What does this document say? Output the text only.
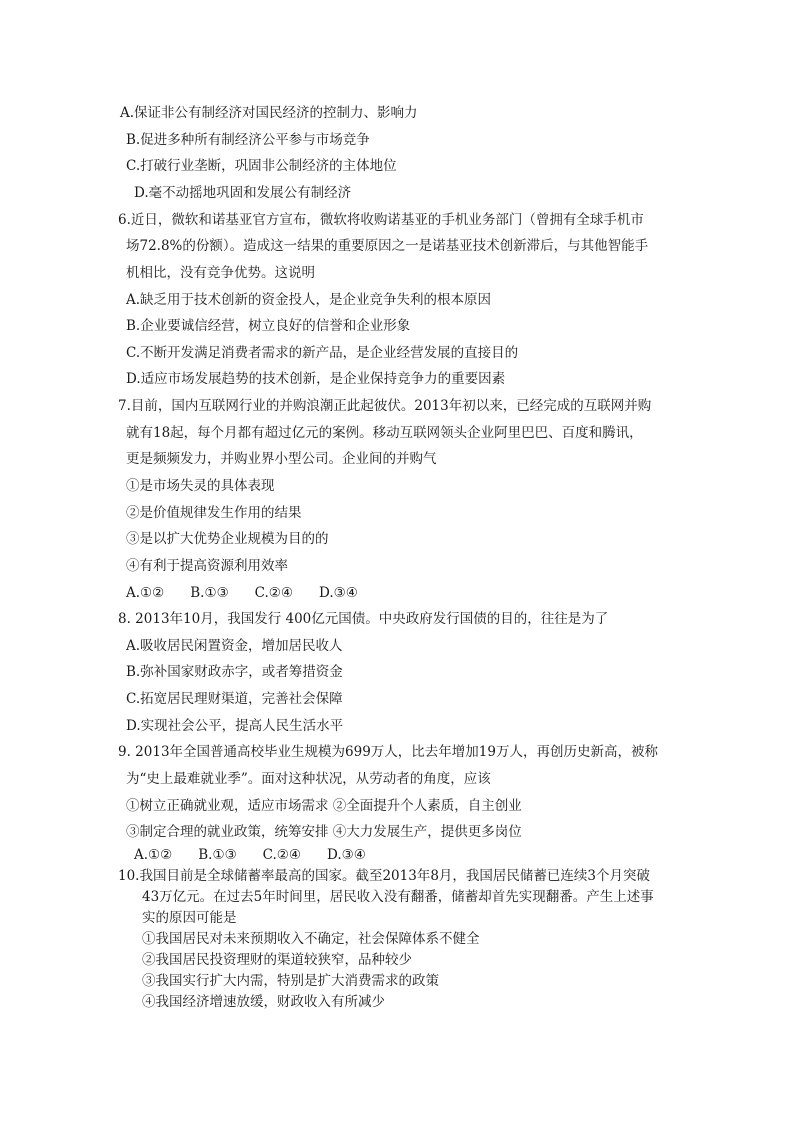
A.保证非公有制经济对国民经济的控制力、影响力
B.促进多种所有制经济公平参与市场竞争
C.打破行业垄断，巩固非公制经济的主体地位
D.毫不动摇地巩固和发展公有制经济
6.近日，微软和诺基亚官方宣布，微软将收购诺基亚的手机业务部门（曾拥有全球手机市
场72.8%的份额）。造成这一结果的重要原因之一是诺基亚技术创新滞后，与其他智能手
机相比，没有竞争优势。这说明
A.缺乏用于技术创新的资金投人，是企业竞争失利的根本原因
B.企业要诚信经营，树立良好的信誉和企业形象
C.不断开发满足消费者需求的新产品，是企业经营发展的直接目的
D.适应市场发展趋势的技术创新，是企业保持竞争力的重要因素
7.目前，国内互联网行业的并购浪潮正此起彼伏。2013年初以来，已经完成的互联网并购
就有18起，每个月都有超过亿元的案例。移动互联网领头企业阿里巴巴、百度和腾讯，
更是频频发力，并购业界小型公司。企业间的并购气
①是市场失灵的具体表现
②是价值规律发生作用的结果
③是以扩大优势企业规模为目的的
④有利于提高资源利用效率
A.①② B.①③ C.②④ D.③④
8. 2013年10月，我国发行 400亿元国债。中央政府发行国债的目的，往往是为了
A.吸收居民闲置资金，增加居民收人
B.弥补国家财政赤字，或者筹措资金
C.拓宽居民理财渠道，完善社会保障
D.实现社会公平，提高人民生活水平
9. 2013年全国普通高校毕业生规模为699万人，比去年增加19万人，再创历史新高，被称
为“史上最难就业季”。面对这种状况，从劳动者的角度，应该
①树立正确就业观，适应市场需求 ②全面提升个人素质，自主创业
③制定合理的就业政策，统筹安排 ④大力发展生产，提供更多岗位
A.①② B.①③ C.②④ D.③④
10.我国目前是全球储蓄率最高的国家。截至2013年8月，我国居民储蓄已连续3个月突破
43万亿元。在过去5年时间里，居民收入没有翻番，储蓄却首先实现翻番。产生上述事
实的原因可能是
①我国居民对未来预期收入不确定，社会保障体系不健全
②我国居民投资理财的渠道较狭窄，品种较少
③我国实行扩大内需，特别是扩大消费需求的政策
④我国经济增速放缓，财政收入有所减少
